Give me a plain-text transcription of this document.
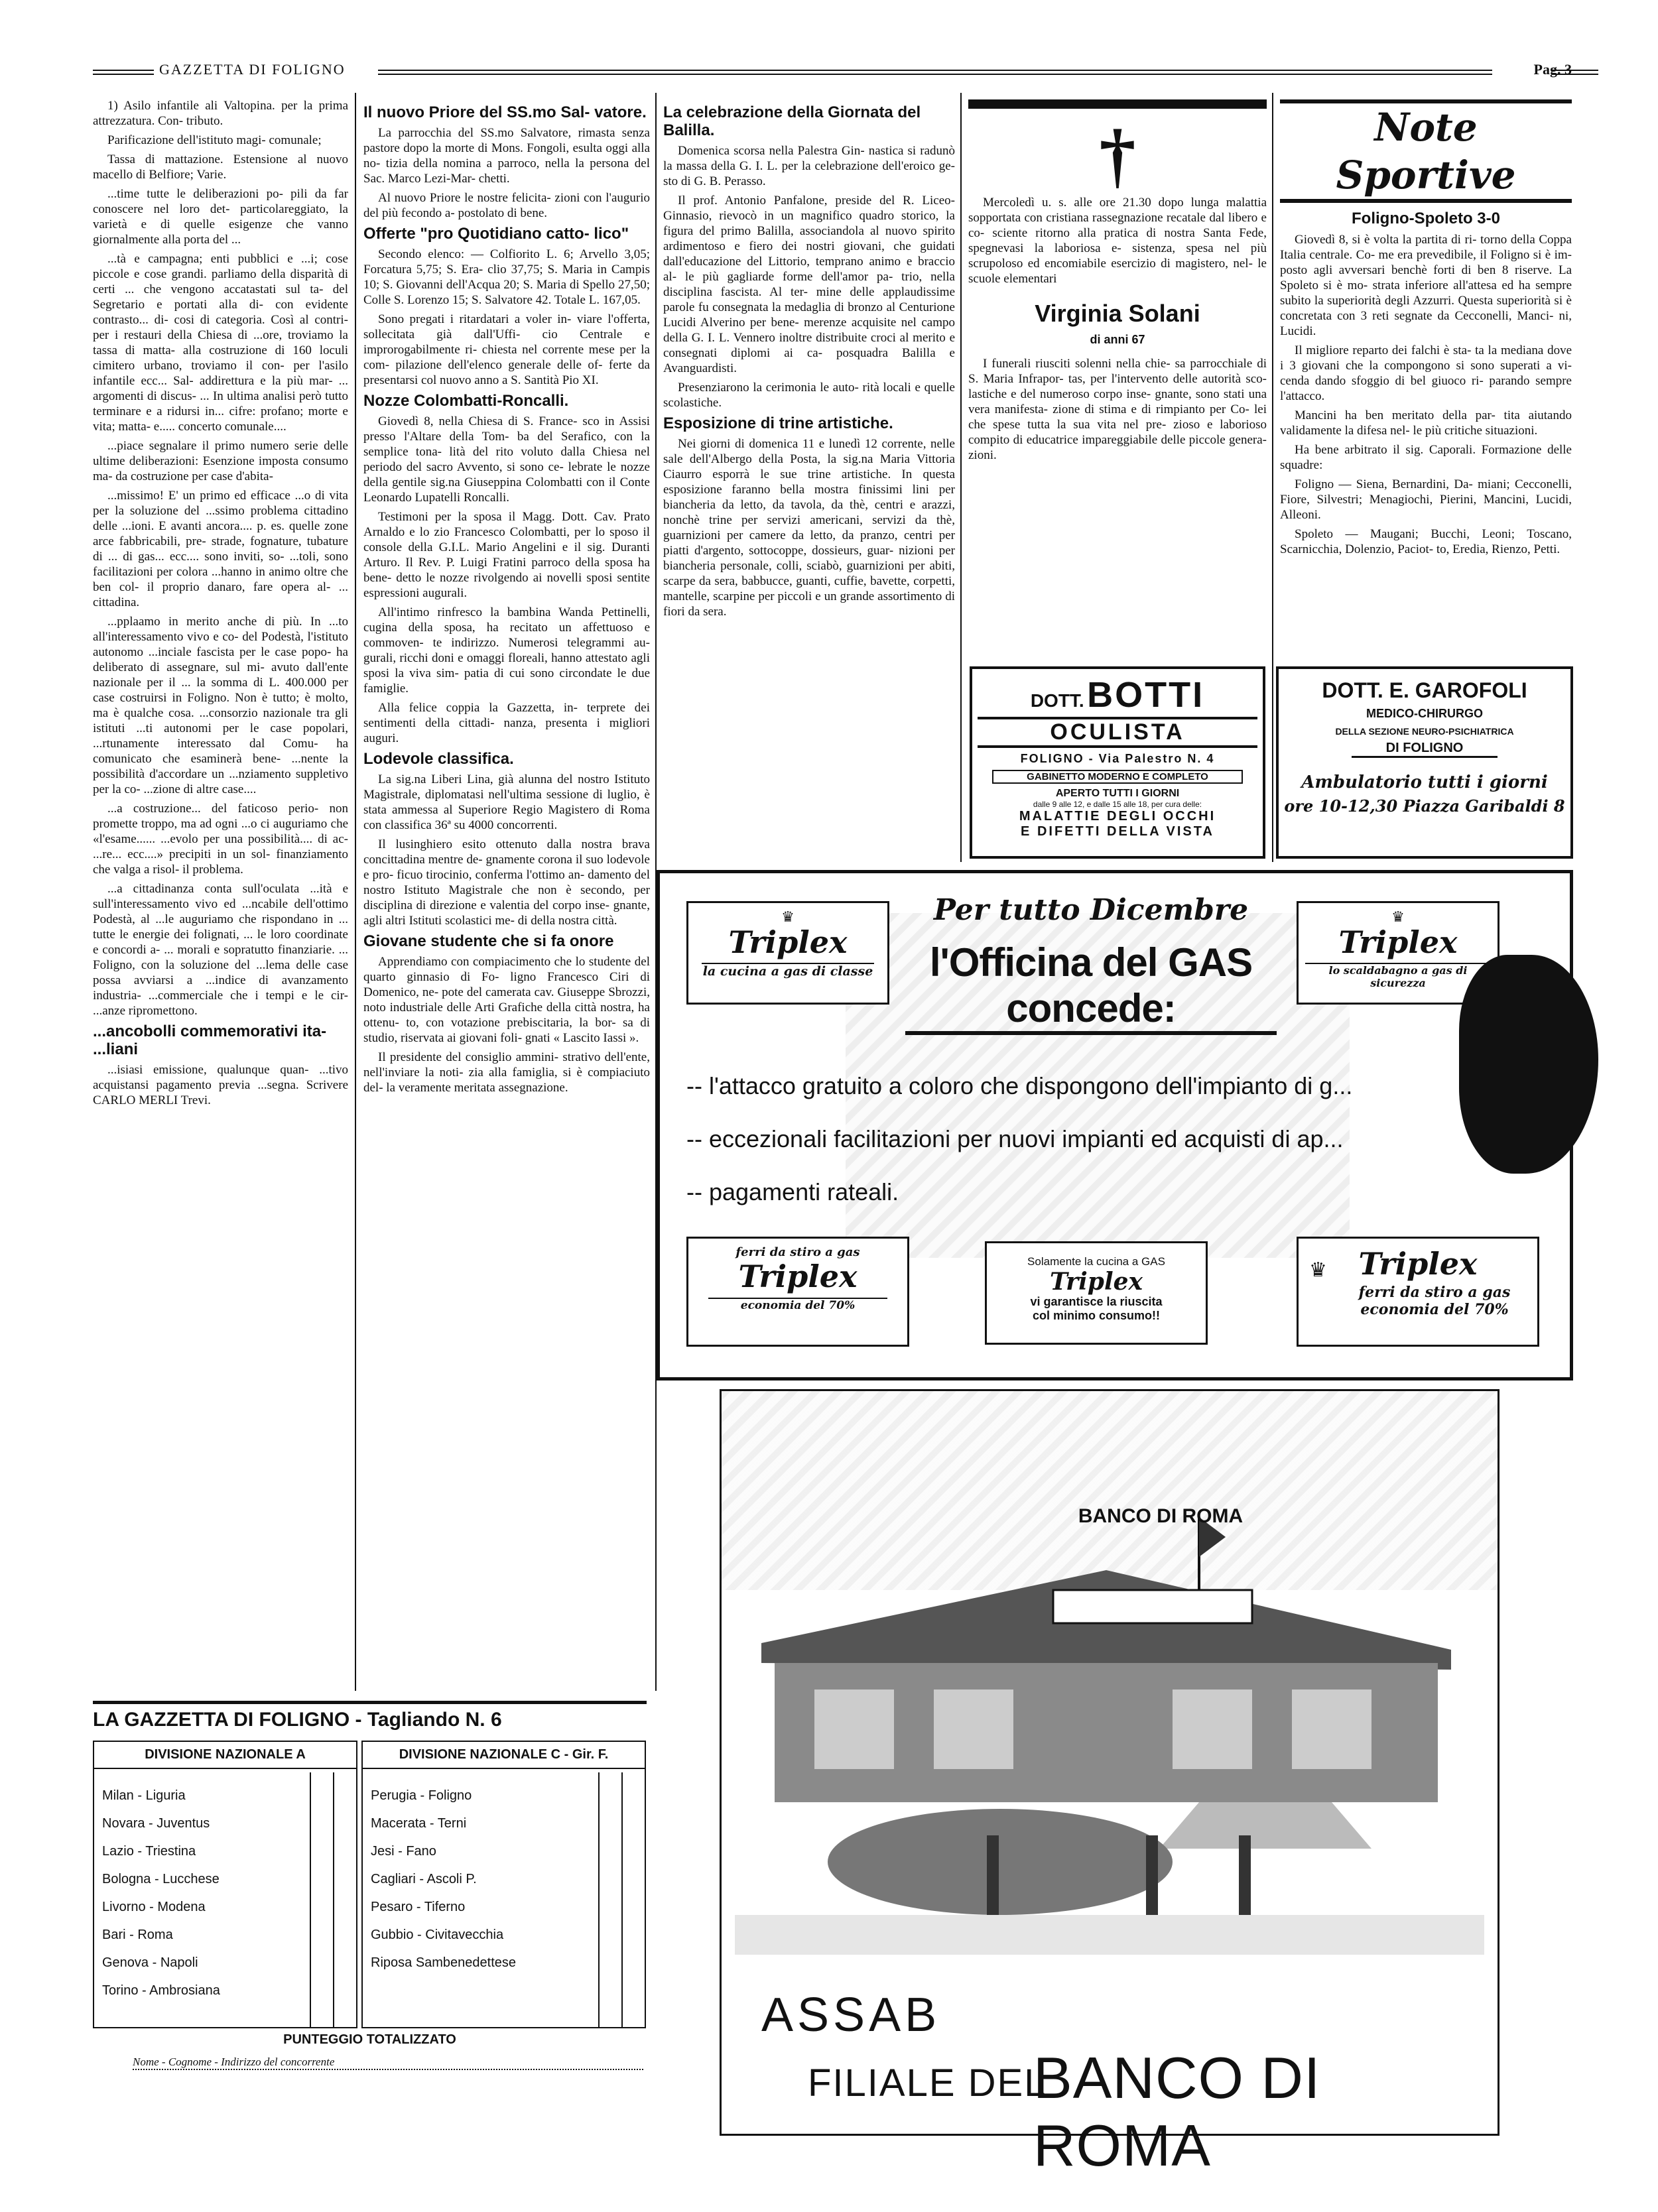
GAZZETTA DI FOLIGNO	Pag. 3

1) Asilo infantile ali Valtopina. per la prima attrezzatura. Con- tributo.

Parificazione dell'istituto magi- comunale;

Tassa di mattazione. Estensione al nuovo macello di Belfiore; Varie.

...time tutte le deliberazioni po- pili da far conoscere nel loro det- particolareggiato, la varietà e di quelle esigenze che vanno giornalmente alla porta del ...

...tà e campagna; enti pubblici e ...i; cose piccole e cose grandi. parliamo della disparità di certi ... che vengono accatastati sul ta- del Segretario e portati alla di- con evidente contrasto... di- cosi di categoria. Così al contri- per i restauri della Chiesa di ...ore, troviamo la tassa di matta- alla costruzione di 160 loculi cimitero urbano, troviamo il con- per l'asilo infantile ecc... Sal- addirettura e la più mar- ... argomenti di discus- ... In ultima analisi però tutto terminare e a ridursi in... cifre: profano; morte e vita; matta- e..... concerto comunale....

...piace segnalare il primo numero serie delle ultime deliberazioni: Esenzione imposta consumo ma- da costruzione per case d'abita-

...missimo! E' un primo ed efficace ...o di vita per la soluzione del ...ssimo problema cittadino delle ...ioni. E avanti ancora.... p. es. quelle zone arce fabbricabili, pre- strade, fognature, tubature di ... di gas... ecc.... sono inviti, so- ...toli, sono facilitazioni per colora ...hanno in animo oltre che ben col- il proprio danaro, fare opera al- ... cittadina.

...pplaamo in merito anche di più. In ...to all'interessamento vivo e co- del Podestà, l'istituto autonomo ...inciale fascista per le case popo- ha deliberato di assegnare, sul mi- avuto dall'ente nazionale per il ... la somma di L. 400.000 per case costruirsi in Foligno. Non è tutto; è molto, ma è qualche cosa. ...consorzio nazionale tra gli istituti ...ti autonomi per le case popolari, ...rtunamente interessato dal Comu- ha comunicato che esaminerà bene- ...nente la possibilità d'accordare un ...nziamento suppletivo per la co- ...zione di altre case....

...a costruzione... del faticoso perio- non promette troppo, ma ad ogni ...o ci auguriamo che «l'esame...... ...evolo per una possibilità.... di ac- ...re... ecc....» precipiti in un sol- finanziamento che valga a risol- il problema.

...a cittadinanza conta sull'oculata ...ità e sull'interessamento vivo ed ...ncabile dell'ottimo Podestà, al ...le auguriamo che rispondano in ... tutte le energie dei folignati, ... le loro coordinate e concordi a- ... morali e sopratutto finanziarie. ... Foligno, con la soluzione del ...lema delle case possa avviarsi a ...indice di avanzamento industria- ...commerciale che i tempi e le cir- ...anze ripromettono.

...ancobolli commemorativi ita- ...liani

...isiasi emissione, qualunque quan- ...tivo acquistansi pagamento previa ...segna. Scrivere CARLO MERLI Trevi.

Il nuovo Priore del SS.mo Sal- vatore.

La parrocchia del SS.mo Salvatore, rimasta senza pastore dopo la morte di Mons. Fongoli, esulta oggi alla no- tizia della nomina a parroco, nella la persona del Sac. Marco Lezi-Mar- chetti.

Al nuovo Priore le nostre felicita- zioni con l'augurio del più fecondo a- postolato di bene.

Offerte "pro Quotidiano catto- lico"

Secondo elenco: — Colfiorito L. 6; Arvello 3,05; Forcatura 5,75; S. Era- clio 37,75; S. Maria in Campis 10; S. Giovanni dell'Acqua 20; S. Maria di Spello 27,50; Colle S. Lorenzo 15; S. Salvatore 42. Totale L. 167,05.

Sono pregati i ritardatari a voler in- viare l'offerta, sollecitata già dall'Uffi- cio Centrale e improrogabilmente ri- chiesta nel corrente mese per la com- pilazione dell'elenco generale delle of- ferte da presentarsi col nuovo anno a S. Santità Pio XI.

Nozze Colombatti-Roncalli.

Giovedì 8, nella Chiesa di S. France- sco in Assisi presso l'Altare della Tom- ba del Serafico, con la semplice tona- lità del rito voluto dalla Chiesa nel periodo del sacro Avvento, si sono ce- lebrate le nozze della gentile sig.na Giuseppina Colombatti con il Conte Leonardo Lupatelli Roncalli.

Testimoni per la sposa il Magg. Dott. Cav. Prato Arnaldo e lo zio Francesco Colombatti, per lo sposo il console della G.I.L. Mario Angelini e il sig. Duranti Arturo. Il Rev. P. Luigi Fratini parroco della sposa ha bene- detto le nozze rivolgendo ai novelli sposi sentite espressioni augurali.

All'intimo rinfresco la bambina Wanda Pettinelli, cugina della sposa, ha recitato un affettuoso e commoven- te indirizzo. Numerosi telegrammi au- gurali, ricchi doni e omaggi floreali, hanno attestato agli sposi la viva sim- patia di cui sono circondate le due famiglie.

Alla felice coppia la Gazzetta, in- terprete dei sentimenti della cittadi- nanza, presenta i migliori auguri.

Lodevole classifica.

La sig.na Liberi Lina, già alunna del nostro Istituto Magistrale, diplomatasi nell'ultima sessione di luglio, è stata ammessa al Superiore Regio Magistero di Roma con classifica 36ª su 4000 concorrenti.

Il lusinghiero esito ottenuto dalla nostra brava concittadina mentre de- gnamente corona il suo lodevole e pro- ficuo tirocinio, conferma l'ottimo an- damento del nostro Istituto Magistrale che non è secondo, per disciplina di direzione e valentia del corpo inse- gnante, agli altri Istituti scolastici me- di della nostra città.

Giovane studente che si fa onore

Apprendiamo con compiacimento che lo studente del quarto ginnasio di Fo- ligno Francesco Ciri di Domenico, ne- pote del camerata cav. Giuseppe Sbrozzi, noto industriale delle Arti Grafiche della città nostra, ha ottenu- to, con votazione prebiscitaria, la bor- sa di studio, riservata ai giovani foli- gnati « Lascito Iassi ».

Il presidente del consiglio ammini- strativo dell'ente, nell'inviare la noti- zia alla famiglia, si è compiaciuto del- la veramente meritata assegnazione.

La celebrazione della Giornata del Balilla.

Domenica scorsa nella Palestra Gin- nastica si radunò la massa della G. I. L. per la celebrazione dell'eroico ge- sto di G. B. Perasso.

Il prof. Antonio Panfalone, preside del R. Liceo-Ginnasio, rievocò in un magnifico quadro storico, la figura del primo Balilla, associandola al nuovo spirito ardimentoso e fiero dei nostri giovani, che guidati dall'educazione del Littorio, temprano animo e braccio al- le più gagliarde forme dell'amor pa- trio, nella disciplina fascista. Al ter- mine delle applaudissime parole fu consegnata la medaglia di bronzo al Centurione Lucidi Alverino per bene- merenze acquisite nel campo della G. I. L. Vennero inoltre distribuite croci al merito e consegnati diplomi ai ca- posquadra Balilla e Avanguardisti.

Presenziarono la cerimonia le auto- rità locali e quelle scolastiche.

Esposizione di trine artistiche.

Nei giorni di domenica 11 e lunedì 12 corrente, nelle sale dell'Albergo della Posta, la sig.na Maria Vittoria Ciaurro esporrà le sue trine artistiche. In questa esposizione faranno bella mostra finissimi lini per biancheria da letto, da tavola, da thè, centri e arazzi, nonchè trine per servizi americani, servizi da thè, guarnizioni per camere da letto, da pranzo, centri per piatti d'argento, sottocoppe, dossieurs, guar- nizioni per biancheria personale, colli, sciabò, guarnizioni per abiti, scarpe da sera, babbucce, guanti, cuffie, bavette, corpetti, mantelle, scarpine per piccoli e un grande assortimento di fiori da sera.

†

Mercoledì u. s. alle ore 21.30 dopo lunga malattia sopportata con cristiana rassegnazione recatale dal libero e co- sciente ritorno alla pratica di nostra Santa Fede, spegnevasi la laboriosa e- sistenza, spesa nel più scrupoloso ed encomiabile esercizio di magistero, nel- le scuole elementari

Virginia Solani
di anni 67

I funerali riusciti solenni nella chie- sa parrocchiale di S. Maria Infrapor- tas, per l'intervento delle autorità sco- lastiche e del numeroso corpo inse- gnante, sono stati una vera manifesta- zione di stima e di rimpianto per Co- lei che spese tutta la sua vita nel pre- zioso e laborioso compito di educatrice impareggiabile delle piccole genera- zioni.

Note Sportive
Foligno-Spoleto 3-0

Giovedì 8, si è volta la partita di ri- torno della Coppa Italia centrale. Co- me era prevedibile, il Foligno si è im- posto agli avversari benchè forti di ben 8 riserve. La Spoleto si è mo- strata inferiore all'attesa ed ha sempre subito la superiorità degli Azzurri. Questa superiorità si è concretata con 3 reti segnate da Cecconelli, Manci- ni, Lucidi.

Il migliore reparto dei falchi è sta- ta la mediana dove i 3 giovani che la compongono si sono superati a vi- cenda dando sfoggio di bel giuoco ri- parando sempre l'attacco.

Mancini ha ben meritato della par- tita aiutando validamente la difesa nel- le più critiche situazioni.

Ha bene arbitrato il sig. Caporali. Formazione delle squadre:

Foligno — Siena, Bernardini, Da- miani; Cecconelli, Fiore, Silvestri; Menagiochi, Pierini, Mancini, Lucidi, Alleoni.

Spoleto — Maugani; Bucchi, Leoni; Toscano, Scarnicchia, Dolenzio, Paciot- to, Eredia, Rienzo, Petti.

DOTT. BOTTI
OCULISTA
FOLIGNO - Via Palestro N. 4
GABINETTO MODERNO E COMPLETO
APERTO TUTTI I GIORNI
dalle 9 alle 12, e dalle 15 alle 18, per cura delle:
MALATTIE DEGLI OCCHI
E DIFETTI DELLA VISTA
DOTT. E. GAROFOLI
MEDICO-CHIRURGO
DELLA SEZIONE NEURO-PSICHIATRICA
DI FOLIGNO
Ambulatorio tutti i giorni
ore 10-12,30 Piazza Garibaldi 8
♛
Triplex
la cucina a gas di classe
Per tutto Dicembre
l'Officina del GAS concede:
♛
Triplex
lo scaldabagno a gas di sicurezza
-- l'attacco gratuito a coloro che dispongono dell'impianto di g...
-- eccezionali facilitazioni per nuovi impianti ed acquisti di ap...
-- pagamenti rateali.
ferri da stiro a gas
Triplex
economia del 70%
Solamente la cucina a GAS
Triplex
vi garantisce la riuscita
col minimo consumo!!
♛	Triplex
ferri da stiro a gas economia del 70%
BANCO DI ROMA
ASSAB
FILIALE DEL
BANCO DI ROMA
LA GAZZETTA DI FOLIGNO - Tagliando N. 6
DIVISIONE NAZIONALE A
Milan - Liguria
Novara - Juventus
Lazio - Triestina
Bologna - Lucchese
Livorno - Modena
Bari - Roma
Genova - Napoli
Torino - Ambrosiana
DIVISIONE NAZIONALE C - Gir. F.
Perugia - Foligno
Macerata - Terni
Jesi - Fano
Cagliari - Ascoli P.
Pesaro - Tiferno
Gubbio - Civitavecchia
Riposa Sambenedettese
PUNTEGGIO TOTALIZZATO
Nome - Cognome - Indirizzo del concorrente
